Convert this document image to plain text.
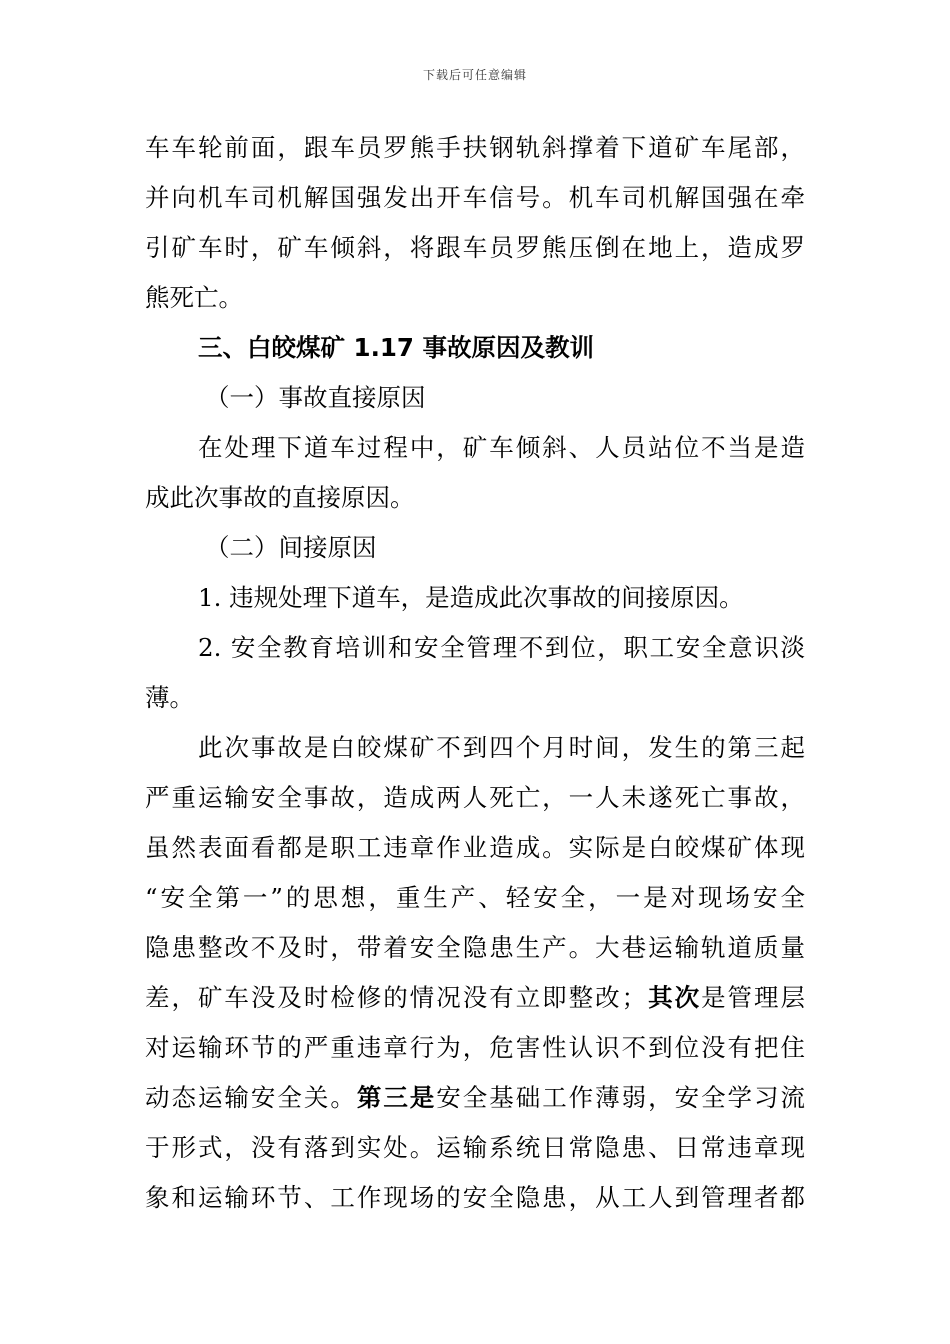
下载后可任意编辑
车车轮前面，跟车员罗熊手扶钢轨斜撑着下道矿车尾部，
并向机车司机解国强发出开车信号。机车司机解国强在牵
引矿车时，矿车倾斜，将跟车员罗熊压倒在地上，造成罗
熊死亡。
三、白皎煤矿 1.17 事故原因及教训
（一）事故直接原因
在处理下道车过程中，矿车倾斜、人员站位不当是造
成此次事故的直接原因。
（二）间接原因
1. 违规处理下道车，是造成此次事故的间接原因。
2. 安全教育培训和安全管理不到位，职工安全意识淡
薄。
此次事故是白皎煤矿不到四个月时间，发生的第三起
严重运输安全事故，造成两人死亡，一人未遂死亡事故，
虽然表面看都是职工违章作业造成。实际是白皎煤矿体现
“安全第一”的思想，重生产、轻安全，一是对现场安全
隐患整改不及时，带着安全隐患生产。大巷运输轨道质量
差，矿车没及时检修的情况没有立即整改；其次是管理层
对运输环节的严重违章行为，危害性认识不到位没有把住
动态运输安全关。第三是安全基础工作薄弱，安全学习流
于形式，没有落到实处。运输系统日常隐患、日常违章现
象和运输环节、工作现场的安全隐患，从工人到管理者都
